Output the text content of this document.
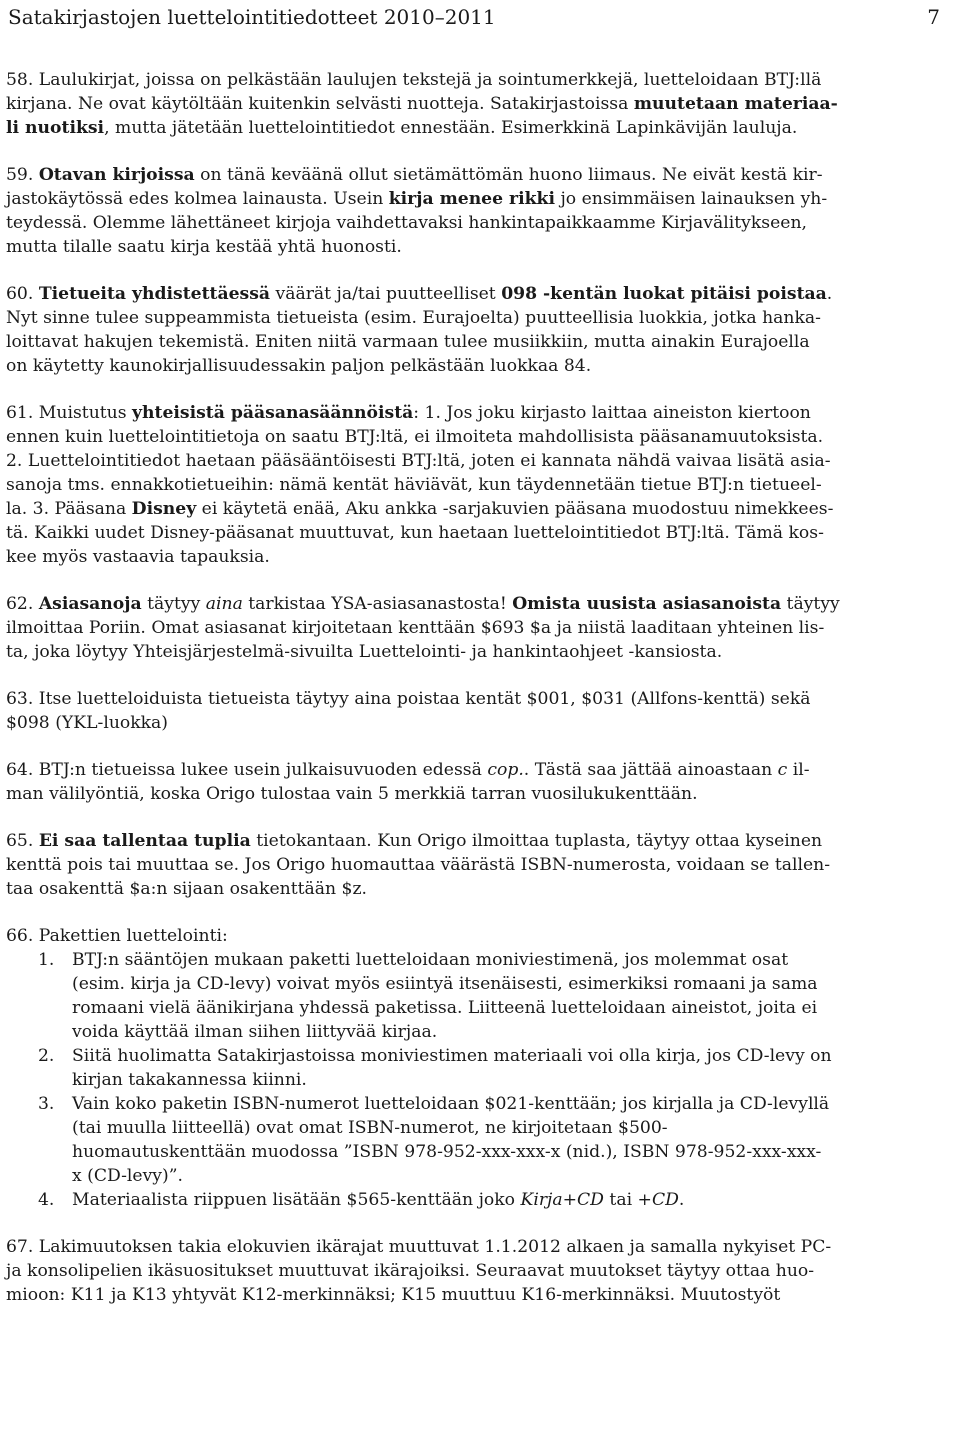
Satakirjastojen luettelointitiedotteet 2010–2011	7
58. Laulukirjat, joissa on pelkästään laulujen tekstejä ja sointumerkkejä, luetteloidaan BTJ:llä
kirjana. Ne ovat käytöltään kuitenkin selvästi nuotteja. Satakirjastoissa muutetaan materiaa-
li nuotiksi, mutta jätetään luettelointitiedot ennestään. Esimerkkinä Lapinkävijän lauluja.
59. Otavan kirjoissa on tänä keväänä ollut sietämättömän huono liimaus. Ne eivät kestä kir-
jastokäytössä edes kolmea lainausta. Usein kirja menee rikki jo ensimmäisen lainauksen yh-
teydessä. Olemme lähettäneet kirjoja vaihdettavaksi hankintapaikkaamme Kirjavälitykseen,
mutta tilalle saatu kirja kestää yhtä huonosti.
60. Tietueita yhdistettäessä väärät ja/tai puutteelliset 098 -kentän luokat pitäisi poistaa.
Nyt sinne tulee suppeammista tietueista (esim. Eurajoelta) puutteellisia luokkia, jotka hanka-
loittavat hakujen tekemistä. Eniten niitä varmaan tulee musiikkiin, mutta ainakin Eurajoella
on käytetty kaunokirjallisuudessakin paljon pelkästään luokkaa 84.
61. Muistutus yhteisistä pääsanasäännöistä: 1. Jos joku kirjasto laittaa aineiston kiertoon
ennen kuin luettelointitietoja on saatu BTJ:ltä, ei ilmoiteta mahdollisista pääsanamuutoksista.
2. Luettelointitiedot haetaan pääsääntöisesti BTJ:ltä, joten ei kannata nähdä vaivaa lisätä asia-
sanoja tms. ennakkotietueihin: nämä kentät häviävät, kun täydennetään tietue BTJ:n tietueel-
la. 3. Pääsana Disney ei käytetä enää, Aku ankka -sarjakuvien pääsana muodostuu nimekkees-
tä. Kaikki uudet Disney-pääsanat muuttuvat, kun haetaan luettelointitiedot BTJ:ltä. Tämä kos-
kee myös vastaavia tapauksia.
62. Asiasanoja täytyy aina tarkistaa YSA-asiasanastosta! Omista uusista asiasanoista täytyy
ilmoittaa Poriin. Omat asiasanat kirjoitetaan kenttään $693 $a ja niistä laaditaan yhteinen lis-
ta, joka löytyy Yhteisjärjestelmä-sivuilta Luettelointi- ja hankintaohjeet -kansiosta.
63. Itse luetteloiduista tietueista täytyy aina poistaa kentät $001, $031 (Allfons-kenttä) sekä
$098 (YKL-luokka)
64. BTJ:n tietueissa lukee usein julkaisuvuoden edessä cop.. Tästä saa jättää ainoastaan c il-
man välilyöntiä, koska Origo tulostaa vain 5 merkkiä tarran vuosilukukenttään.
65. Ei saa tallentaa tuplia tietokantaan. Kun Origo ilmoittaa tuplasta, täytyy ottaa kyseinen
kenttä pois tai muuttaa se. Jos Origo huomauttaa väärästä ISBN-numerosta, voidaan se tallen-
taa osakenttä $a:n sijaan osakenttään $z.
66. Pakettien luettelointi:
1. BTJ:n sääntöjen mukaan paketti luetteloidaan moniviestimenä, jos molemmat osat
(esim. kirja ja CD-levy) voivat myös esiintyä itsenäisesti, esimerkiksi romaani ja sama
romaani vielä äänikirjana yhdessä paketissa. Liitteenä luetteloidaan aineistot, joita ei
voida käyttää ilman siihen liittyvää kirjaa.
2. Siitä huolimatta Satakirjastoissa moniviestimen materiaali voi olla kirja, jos CD-levy on
kirjan takakannessa kiinni.
3. Vain koko paketin ISBN-numerot luetteloidaan $021-kenttään; jos kirjalla ja CD-levyllä
(tai muulla liitteellä) ovat omat ISBN-numerot, ne kirjoitetaan $500-
huomautuskenttään muodossa ”ISBN 978-952-xxx-xxx-x (nid.), ISBN 978-952-xxx-xxx-
x (CD-levy)”.
4. Materiaalista riippuen lisätään $565-kenttään joko Kirja+CD tai +CD.
67. Lakimuutoksen takia elokuvien ikärajat muuttuvat 1.1.2012 alkaen ja samalla nykyiset PC-
ja konsolipelien ikäsuositukset muuttuvat ikärajoiksi. Seuraavat muutokset täytyy ottaa huo-
mioon: K11 ja K13 yhtyvät K12-merkinnäksi; K15 muuttuu K16-merkinnäksi. Muutostyöt
